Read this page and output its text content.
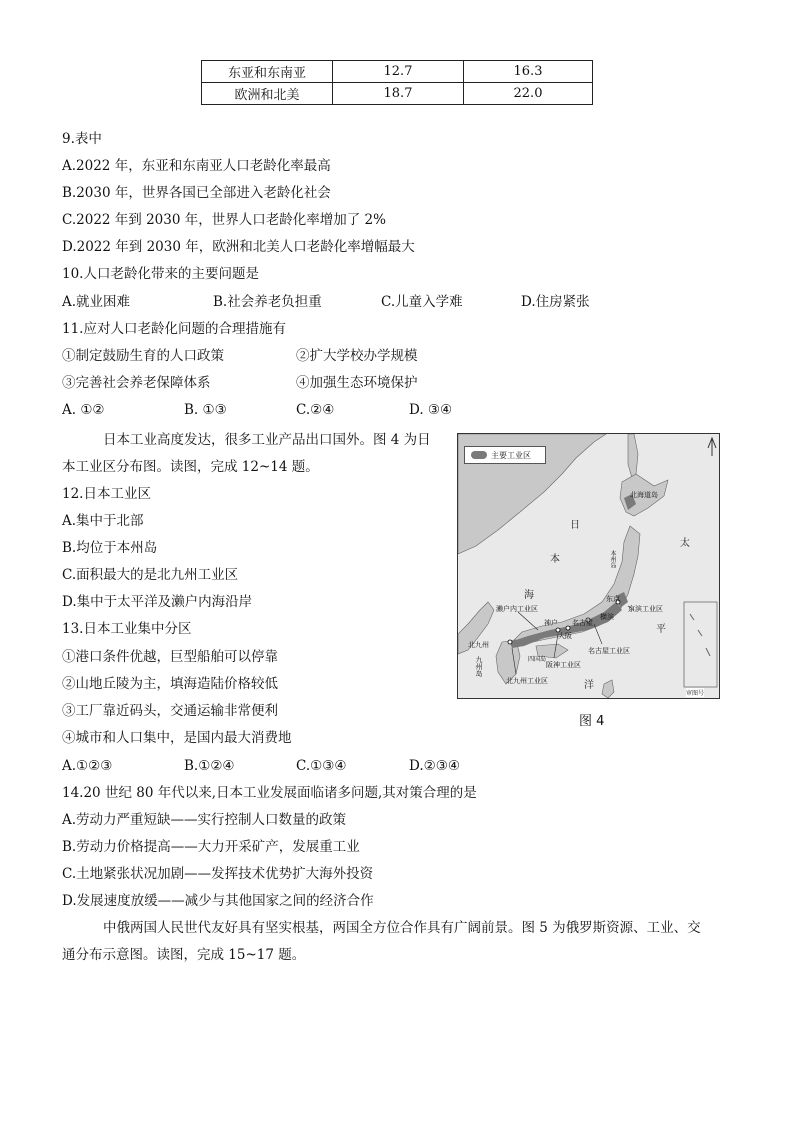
东亚和东南亚	12.7	16.3
欧洲和北美	18.7	22.0
9.表中
A.2022 年，东亚和东南亚人口老龄化率最高
B.2030 年，世界各国已全部进入老龄化社会
C.2022 年到 2030 年，世界人口老龄化率增加了 2%
D.2022 年到 2030 年，欧洲和北美人口老龄化率增幅最大
10.人口老龄化带来的主要问题是
A.就业困难	B.社会养老负担重	C.儿童入学难	D.住房紧张
11.应对人口老龄化问题的合理措施有
①制定鼓励生育的人口政策	②扩大学校办学规模
③完善社会养老保障体系	④加强生态环境保护
A. ①②	B. ①③	C.②④	D. ③④
日本工业高度发达，很多工业产品出口国外。图 4 为日
本工业区分布图。读图，完成 12~14 题。
12.日本工业区
A.集中于北部
B.均位于本州岛
C.面积最大的是北九州工业区
D.集中于太平洋及濑户内海沿岸
13.日本工业集中分区
①港口条件优越，巨型船舶可以停靠
②山地丘陵为主，填海造陆价格较低
③工厂靠近码头，交通运输非常便利
④城市和人口集中，是国内最大消费地
A.①②③	B.①②④	C.①③④	D.②③④
14.20 世纪 80 年代以来,日本工业发展面临诸多问题,其对策合理的是
A.劳动力严重短缺——实行控制人口数量的政策
B.劳动力价格提高——大力开采矿产，发展重工业
C.土地紧张状况加剧——发挥技术优势扩大海外投资
D.发展速度放缓——减少与其他国家之间的经济合作
中俄两国人民世代友好具有坚实根基，两国全方位合作具有广阔前景。图 5 为俄罗斯资源、工业、交
通分布示意图。读图，完成 15~17 题。
主要工业区
日
本
海
太
平
洋
北海道岛
濑户内工业区
神户
东京
京滨工业区
名古屋
横滨
大阪
名古屋工业区
阪神工业区
北九州
九州岛
北九州工业区
四国岛
本州岛
审图号
图 4
